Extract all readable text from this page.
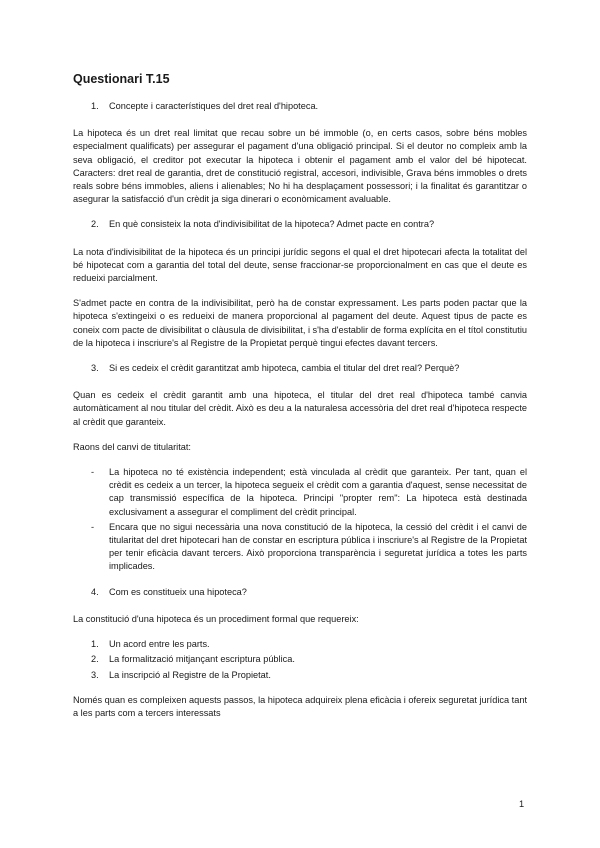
Questionari T.15
1.	Concepte i característiques del dret real d'hipoteca.

La hipoteca és un dret real limitat que recau sobre un bé immoble (o, en certs casos, sobre béns mobles especialment qualificats) per assegurar el pagament d'una obligació principal. Si el deutor no compleix amb la seva obligació, el creditor pot executar la hipoteca i obtenir el pagament amb el valor del bé hipotecat. Caracters: dret real de garantia, dret de constitució registral, accesori, indivisible, Grava béns immobles o drets reals sobre béns immobles, aliens i alienables; No hi ha desplaçament possessori; i la finalitat és garantitzar o asegurar la satisfacció d'un crèdit ja siga dinerari o econòmicament avaluable.

2.	En què consisteix la nota d'indivisibilitat de la hipoteca? Admet pacte en contra?

La nota d'indivisibilitat de la hipoteca és un principi jurídic segons el qual el dret hipotecari afecta la totalitat del bé hipotecat com a garantia del total del deute, sense fraccionar-se proporcionalment en cas que el deute es redueixi parcialment.

S'admet pacte en contra de la indivisibilitat, però ha de constar expressament. Les parts poden pactar que la hipoteca s'extingeixi o es redueixi de manera proporcional al pagament del deute. Aquest tipus de pacte es coneix com pacte de divisibilitat o clàusula de divisibilitat, i s'ha d'establir de forma explícita en el títol constitutiu de la hipoteca i inscriure's al Registre de la Propietat perquè tingui efectes davant tercers.

3.	Si es cedeix el crèdit garantitzat amb hipoteca, cambia el titular del dret real? Perquè?

Quan es cedeix el crèdit garantit amb una hipoteca, el titular del dret real d'hipoteca també canvia automàticament al nou titular del crèdit. Això es deu a la naturalesa accessòria del dret real d'hipoteca respecte al crèdit que garanteix.

Raons del canvi de titularitat:

-	La hipoteca no té existència independent; està vinculada al crèdit que garanteix. Per tant, quan el crèdit es cedeix a un tercer, la hipoteca segueix el crèdit com a garantia d'aquest, sense necessitat de cap transmissió específica de la hipoteca. Principi "propter rem": La hipoteca està destinada exclusivament a assegurar el compliment del crèdit principal.
-	Encara que no sigui necessària una nova constitució de la hipoteca, la cessió del crèdit i el canvi de titularitat del dret hipotecari han de constar en escriptura pública i inscriure's al Registre de la Propietat per tenir eficàcia davant tercers. Això proporciona transparència i seguretat jurídica a totes les parts implicades.
4.	Com es constitueix una hipoteca?

La constitució d'una hipoteca és un procediment formal que requereix:

1.	Un acord entre les parts.
2.	La formalització mitjançant escriptura pública.
3.	La inscripció al Registre de la Propietat.

Només quan es compleixen aquests passos, la hipoteca adquireix plena eficàcia i ofereix seguretat jurídica tant a les parts com a tercers interessats

1
